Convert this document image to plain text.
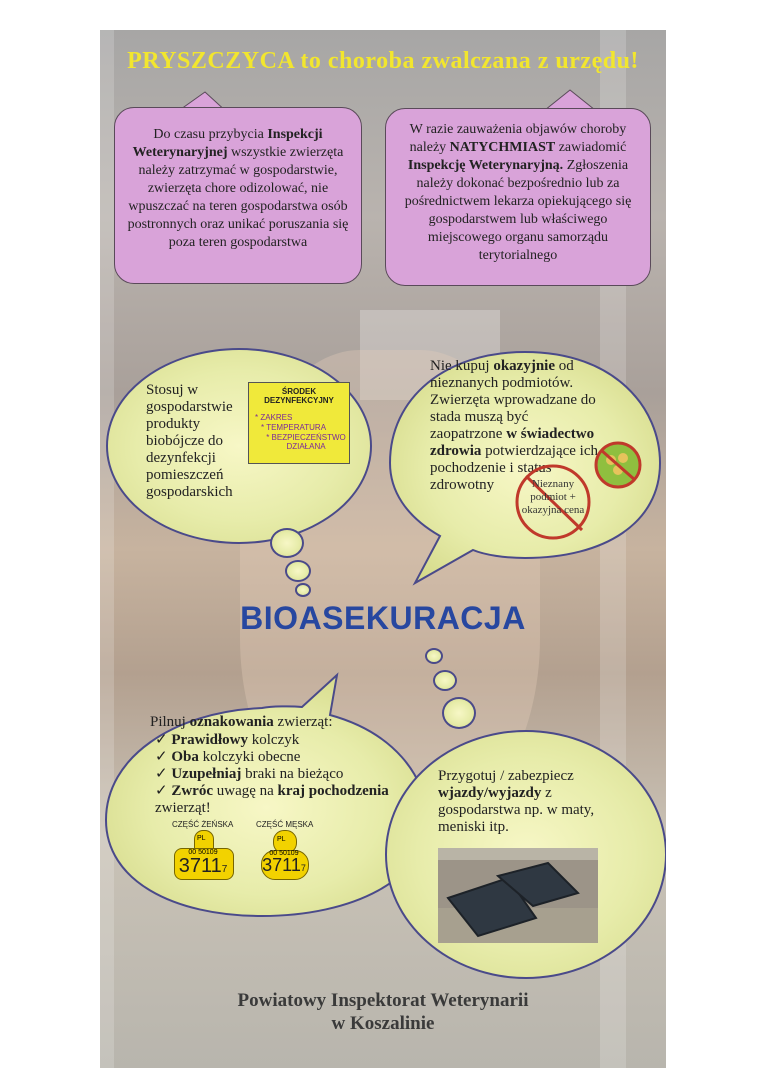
PRYSZCZYCA to choroba zwalczana z urzędu!
Do czasu przybycia Inspekcji Weterynaryjnej wszystkie zwierzęta należy zatrzymać w gospodarstwie, zwierzęta chore odizolować, nie wpuszczać na teren gospodarstwa osób postronnych oraz unikać poruszania się poza teren gospodarstwa
W razie zauważenia objawów choroby należy NATYCHMIAST zawiadomić Inspekcję Weterynaryjną. Zgłoszenia należy dokonać bezpośrednio lub za pośrednictwem lekarza opiekującego się gospodarstwem lub właściwego miejscowego organu samorządu terytorialnego
Stosuj w gospodarstwie produkty biobójcze do dezynfekcji pomieszczeń gospodarskich
ŚRODEK DEZYNFEKCYJNY
* ZAKRES
* TEMPERATURA
* BEZPIECZEŃSTWO DZIAŁANA
Nie kupuj okazyjnie od nieznanych podmiotów. Zwierzęta wprowadzane do stada muszą być zaopatrzone w świadectwo zdrowia potwierdzające ich pochodzenie i status zdrowotny	Nieznany podmiot + okazyjna cena
BIOASEKURACJA
Pilnuj oznakowania zwierząt:
✓ Prawidłowy kolczyk
✓ Oba kolczyki obecne
✓ Uzupełniaj braki na bieżąco
✓ Zwróc uwagę na kraj pochodzenia zwierząt!
CZĘŚĆ ŻEŃSKA	CZĘŚĆ MĘSKA
PL
00 50109
37117
PL
00 50109
37117
Przygotuj / zabezpiecz wjazdy/wyjazdy z gospodarstwa np. w maty, meniski itp.
Powiatowy Inspektorat Weterynarii
w Koszalinie
